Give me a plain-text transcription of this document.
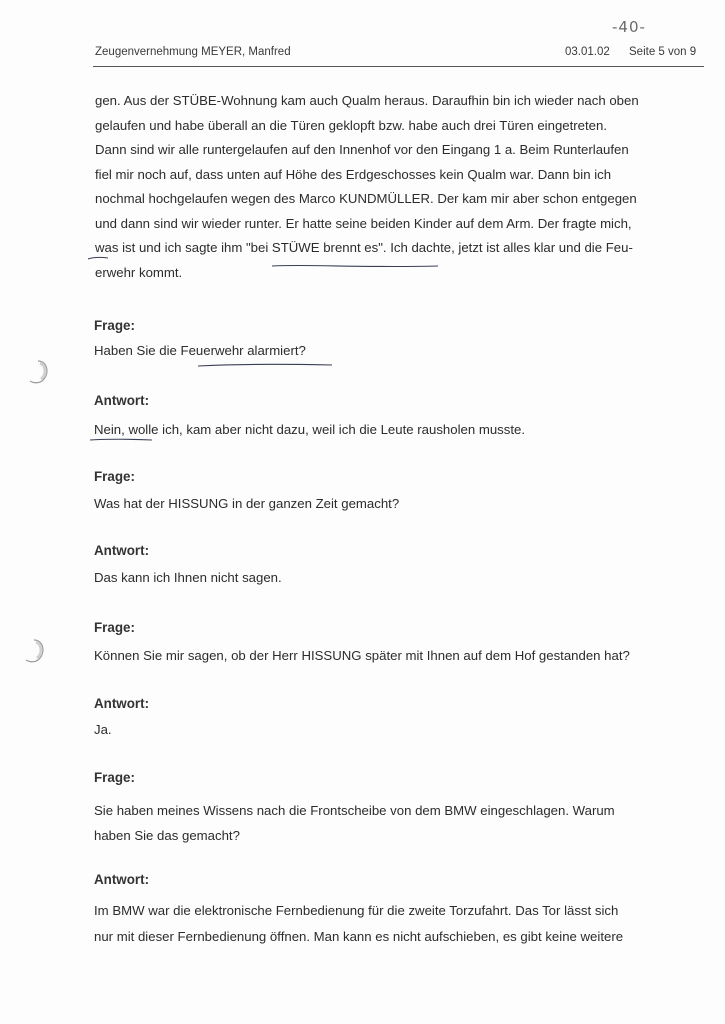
-40-
Zeugenvernehmung MEYER, Manfred	03.01.02 Seite 5 von 9
gen. Aus der STÜBE-Wohnung kam auch Qualm heraus. Daraufhin bin ich wieder nach oben
gelaufen und habe überall an die Türen geklopft bzw. habe auch drei Türen eingetreten.
Dann sind wir alle runtergelaufen auf den Innenhof vor den Eingang 1 a. Beim Runterlaufen
fiel mir noch auf, dass unten auf Höhe des Erdgeschosses kein Qualm war. Dann bin ich
nochmal hochgelaufen wegen des Marco KUNDMÜLLER. Der kam mir aber schon entgegen
und dann sind wir wieder runter. Er hatte seine beiden Kinder auf dem Arm. Der fragte mich,
was ist und ich sagte ihm "bei STÜWE brennt es". Ich dachte, jetzt ist alles klar und die Feu-
erwehr kommt.
Frage:
Haben Sie die Feuerwehr alarmiert?
Antwort:
Nein, wolle ich, kam aber nicht dazu, weil ich die Leute rausholen musste.
Frage:
Was hat der HISSUNG in der ganzen Zeit gemacht?
Antwort:
Das kann ich Ihnen nicht sagen.
Frage:
Können Sie mir sagen, ob der Herr HISSUNG später mit Ihnen auf dem Hof gestanden hat?
Antwort:
Ja.
Frage:
Sie haben meines Wissens nach die Frontscheibe von dem BMW eingeschlagen. Warum
haben Sie das gemacht?
Antwort:
Im BMW war die elektronische Fernbedienung für die zweite Torzufahrt. Das Tor lässt sich
nur mit dieser Fernbedienung öffnen. Man kann es nicht aufschieben, es gibt keine weitere
